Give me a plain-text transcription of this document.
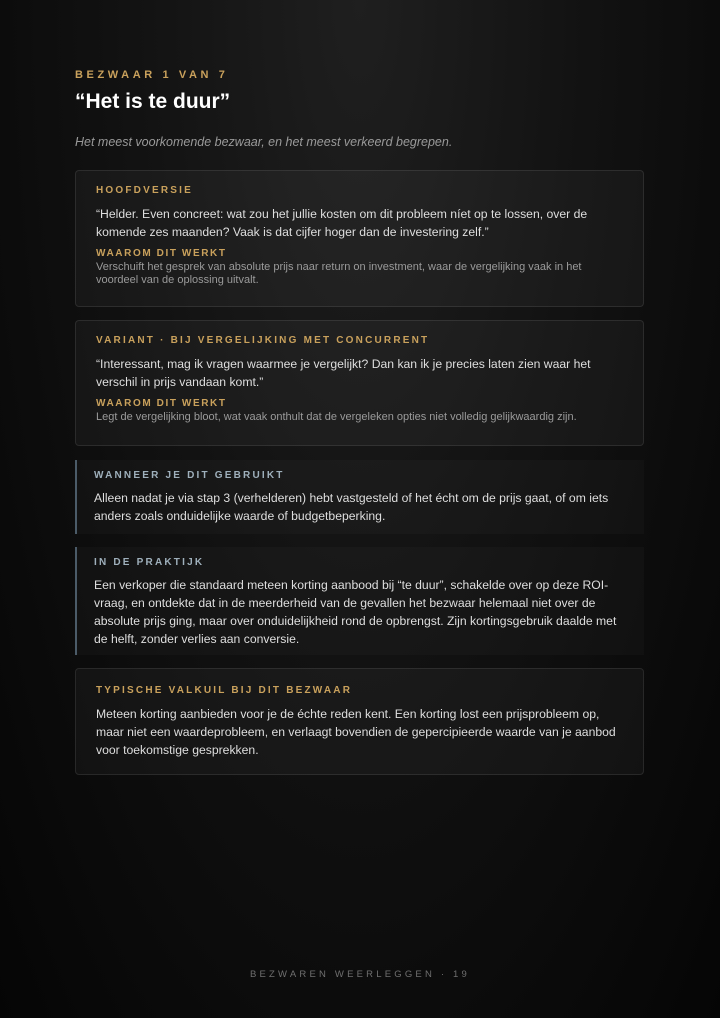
BEZWAAR 1 VAN 7
“Het is te duur”
Het meest voorkomende bezwaar, en het meest verkeerd begrepen.
HOOFDVERSIE
“Helder. Even concreet: wat zou het jullie kosten om dit probleem níet op te lossen, over de komende zes maanden? Vaak is dat cijfer hoger dan de investering zelf.”
WAAROM DIT WERKT
Verschuift het gesprek van absolute prijs naar return on investment, waar de vergelijking vaak in het voordeel van de oplossing uitvalt.
VARIANT · BIJ VERGELIJKING MET CONCURRENT
“Interessant, mag ik vragen waarmee je vergelijkt? Dan kan ik je precies laten zien waar het verschil in prijs vandaan komt.”
WAAROM DIT WERKT
Legt de vergelijking bloot, wat vaak onthult dat de vergeleken opties niet volledig gelijkwaardig zijn.
WANNEER JE DIT GEBRUIKT
Alleen nadat je via stap 3 (verhelderen) hebt vastgesteld of het écht om de prijs gaat, of om iets anders zoals onduidelijke waarde of budgetbeperking.
IN DE PRAKTIJK
Een verkoper die standaard meteen korting aanbood bij “te duur”, schakelde over op deze ROI-vraag, en ontdekte dat in de meerderheid van de gevallen het bezwaar helemaal niet over de absolute prijs ging, maar over onduidelijkheid rond de opbrengst. Zijn kortingsgebruik daalde met de helft, zonder verlies aan conversie.
TYPISCHE VALKUIL BIJ DIT BEZWAAR
Meteen korting aanbieden voor je de échte reden kent. Een korting lost een prijsprobleem op, maar niet een waardeprobleem, en verlaagt bovendien de gepercipieerde waarde van je aanbod voor toekomstige gesprekken.
BEZWAREN WEERLEGGEN · 19
